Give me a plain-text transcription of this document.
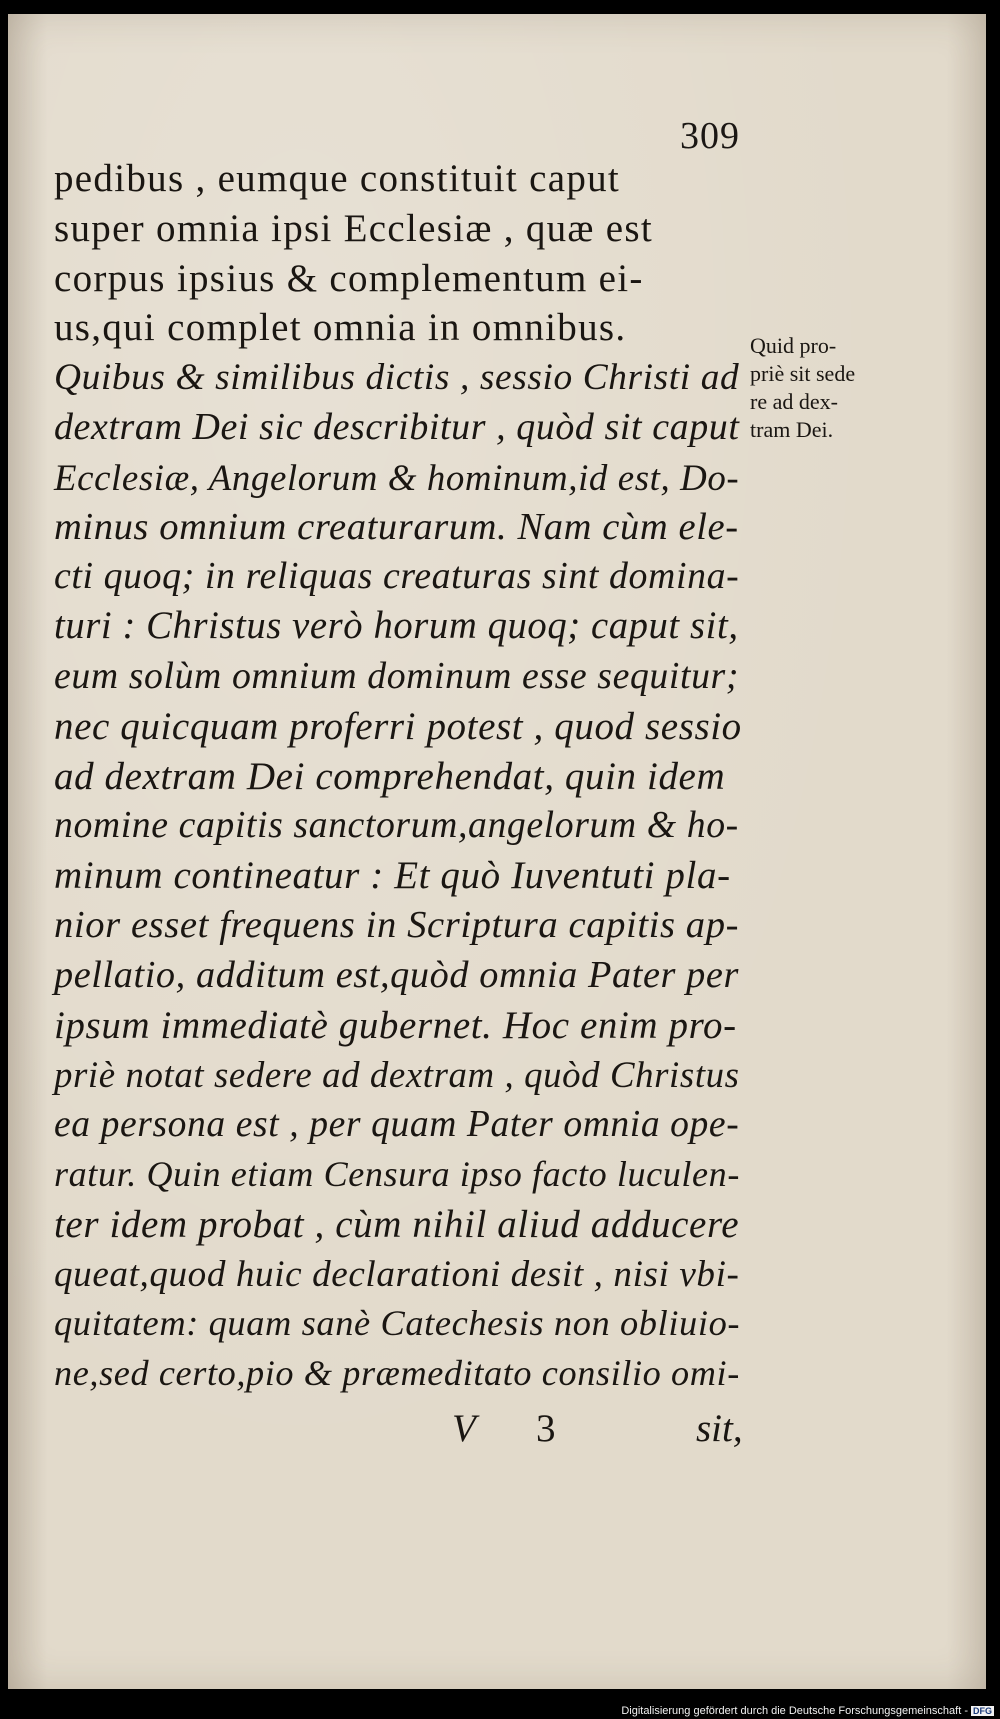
309
pedibus , eumque constituit caput
super omnia ipsi Ecclesiæ , quæ est
corpus ipsius & complementum ei-
us,qui complet omnia in omnibus.
Quibus & similibus dictis , sessio Christi ad
dextram Dei sic describitur , quòd sit caput
Ecclesiæ, Angelorum & hominum,id est, Do-
minus omnium creaturarum. Nam cùm ele-
cti quoq; in reliquas creaturas sint domina-
turi : Christus verò horum quoq; caput sit,
eum solùm omnium dominum esse sequitur;
nec quicquam proferri potest , quod sessio
ad dextram Dei comprehendat, quin idem
nomine capitis sanctorum,angelorum & ho-
minum contineatur : Et quò Iuventuti pla-
nior esset frequens in Scriptura capitis ap-
pellatio, additum est,quòd omnia Pater per
ipsum immediatè gubernet. Hoc enim pro-
priè notat sedere ad dextram , quòd Christus
ea persona est , per quam Pater omnia ope-
ratur. Quin etiam Censura ipso facto luculen-
ter idem probat , cùm nihil aliud adducere
queat,quod huic declarationi desit , nisi vbi-
quitatem: quam sanè Catechesis non obliuio-
ne,sed certo,pio & præmeditato consilio omi-
Quid pro-
priè sit sede
re ad dex-
tram Dei.
V 3	sit,
Digitalisierung gefördert durch die Deutsche Forschungsgemeinschaft - DFG
